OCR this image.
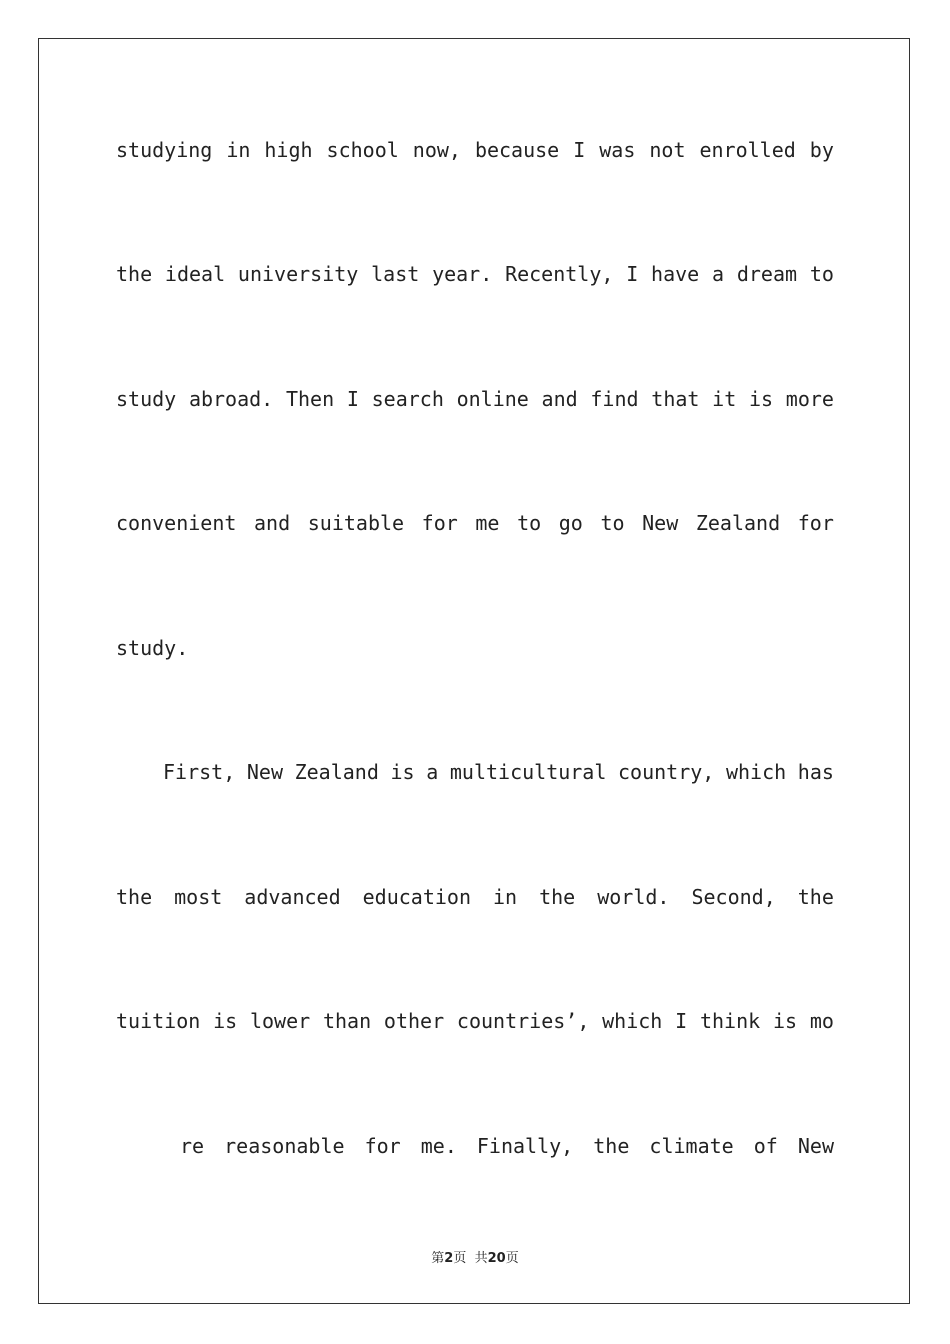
studying in high school now, because I was not enrolled by
the ideal university last year. Recently, I have a dream to
study abroad. Then I search online and find that it is more
convenient and suitable for me to go to New Zealand for
study.
First, New Zealand is a multicultural country, which has
the most advanced education in the world. Second, the
tuition is lower than other countries’, which I think is mo
re reasonable for me. Finally, the climate of New
第2页  共20页
